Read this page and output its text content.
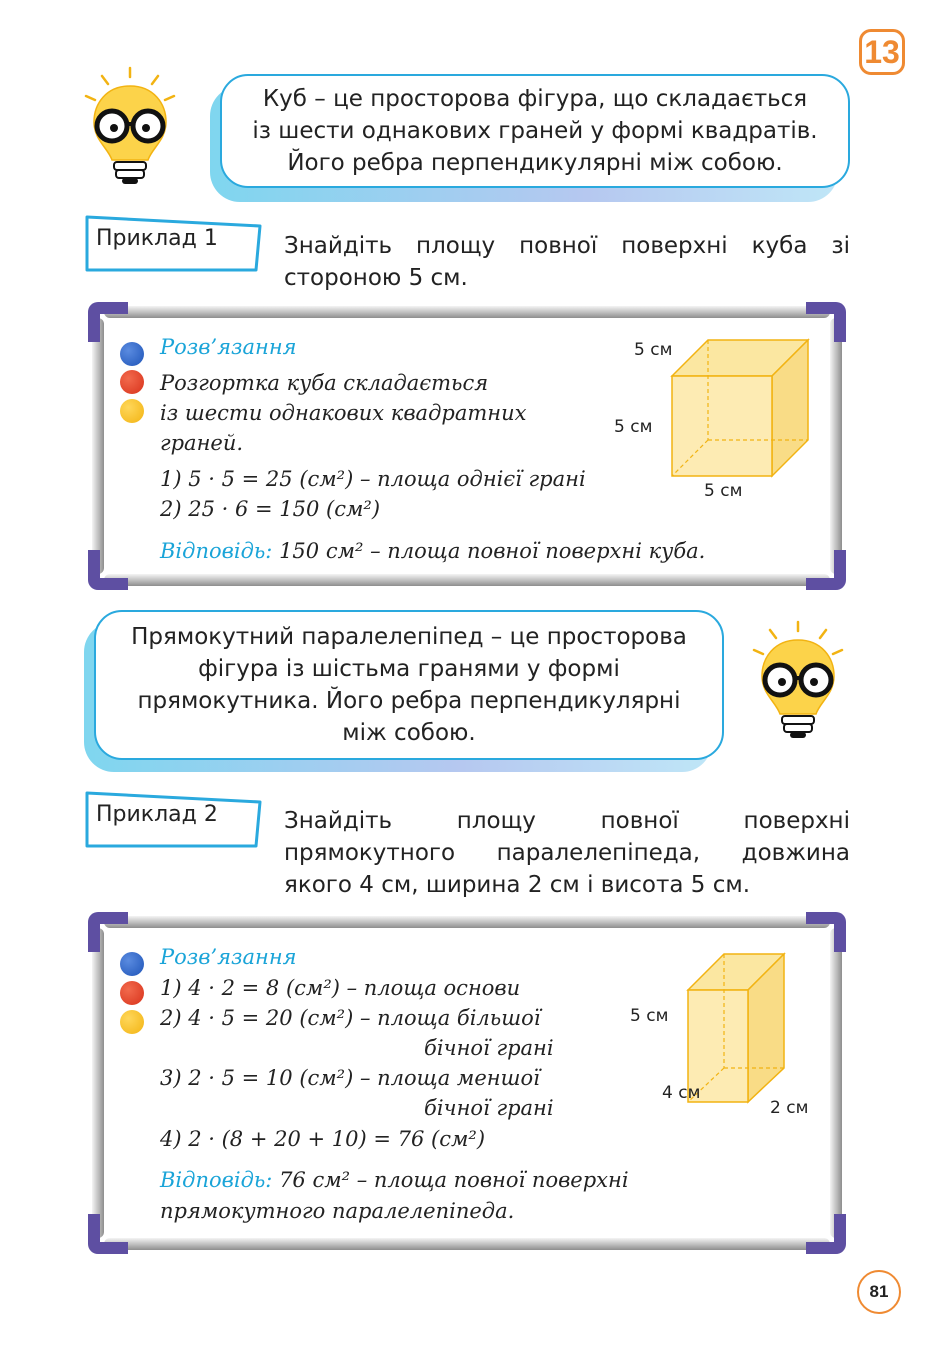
13
Куб – це просторова фігура, що складається
із шести однакових граней у формі квадратів.
Його ребра перпендикулярні між собою.
Приклад 1	Знайдіть площу повної поверхні куба зі стороною 5 см.
Розв’язання
Розгортка куба складається
із шести однакових квадратних
граней.
1) 5 · 5 = 25 (см²) – площа однієї грані
2) 25 · 6 = 150 (см²)
Відповідь: 150 см² – площа повної поверхні куба.
5 см
5 см
5 см
Прямокутний паралелепіпед – це просторова
фігура із шістьма гранями у формі
прямокутника. Його ребра перпендикулярні
між собою.
Приклад 2	Знайдіть площу повної поверхні прямокутного паралелепіпеда, довжина якого 4 см, ширина 2 см і висота 5 см.
Розв’язання
1) 4 · 2 = 8 (см²) – площа основи
2) 4 · 5 = 20 (см²) – площа більшої
бічної грані
3) 2 · 5 = 10 (см²) – площа меншої
бічної грані
4) 2 · (8 + 20 + 10) = 76 (см²)
Відповідь: 76 см² – площа повної поверхні
прямокутного паралелепіпеда.
5 см
4 см
2 см
81
